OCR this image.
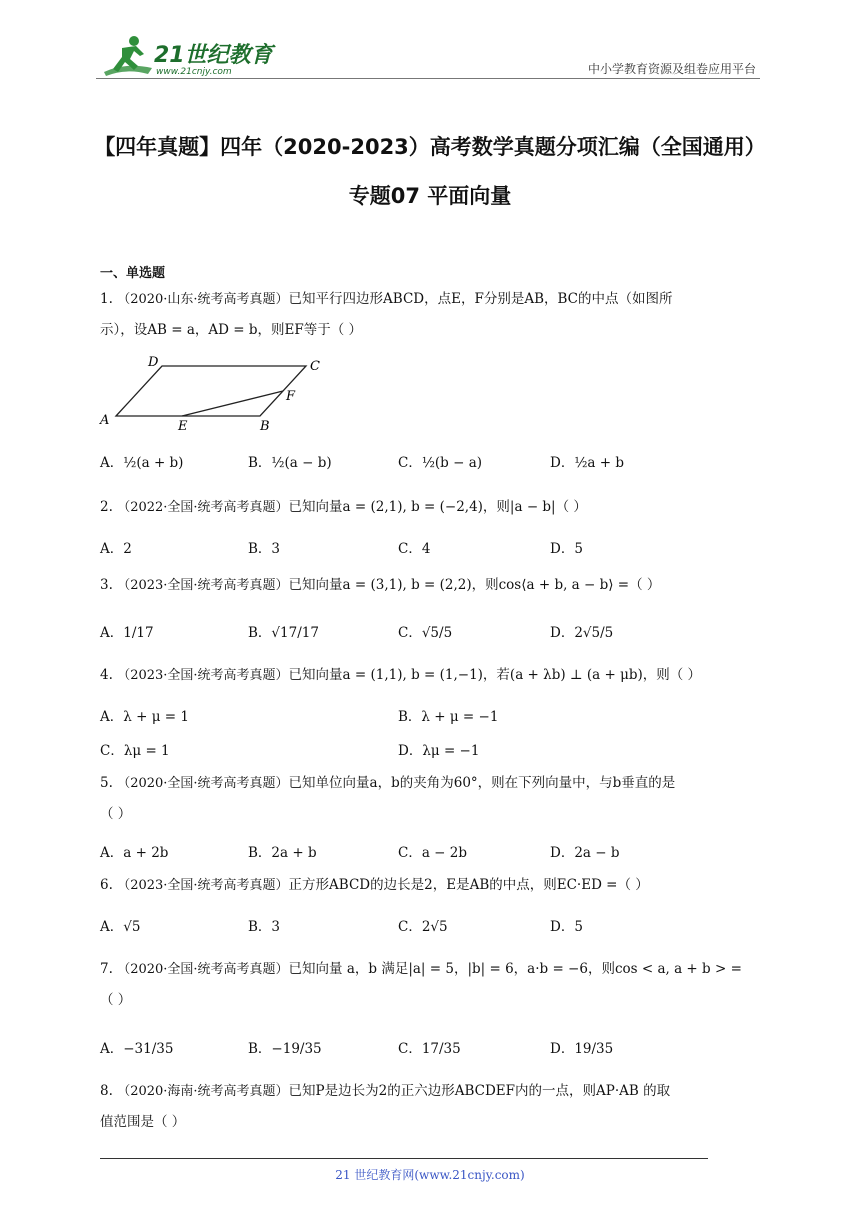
21世纪教育
www.21cnjy.com	中小学教育资源及组卷应用平台
【四年真题】四年（2020-2023）高考数学真题分项汇编（全国通用）
专题07 平面向量
一、单选题
1. （2020·山东·统考高考真题）已知平行四边形ABCD，点E，F分别是AB，BC的中点（如图所
示），设AB = a，AD = b，则EF等于（ ）
D	C
A	E	B
F
A．½(a + b)	B．½(a − b)	C．½(b − a)	D．½a + b
2. （2022·全国·统考高考真题）已知向量a = (2,1), b = (−2,4)，则|a − b|（ ）
A．2	B．3	C．4	D．5
3. （2023·全国·统考高考真题）已知向量a = (3,1), b = (2,2)，则cos⟨a + b, a − b⟩ =（ ）
A．1/17	B．√17/17	C．√5/5	D．2√5/5
4. （2023·全国·统考高考真题）已知向量a = (1,1), b = (1,−1)，若(a + λb) ⊥ (a + μb)，则（ ）
A．λ + μ = 1	B．λ + μ = −1
C．λμ = 1	D．λμ = −1
5. （2020·全国·统考高考真题）已知单位向量a，b的夹角为60°，则在下列向量中，与b垂直的是
（ ）
A．a + 2b	B．2a + b	C．a − 2b	D．2a − b
6. （2023·全国·统考高考真题）正方形ABCD的边长是2，E是AB的中点，则EC·ED =（ ）
A．√5	B．3	C．2√5	D．5
7. （2020·全国·统考高考真题）已知向量 a，b 满足|a| = 5，|b| = 6，a·b = −6，则cos < a, a + b > =
（ ）
A．−31/35	B．−19/35	C．17/35	D．19/35
8. （2020·海南·统考高考真题）已知P是边长为2的正六边形ABCDEF内的一点，则AP·AB 的取
值范围是（ ）
21 世纪教育网(www.21cnjy.com)
